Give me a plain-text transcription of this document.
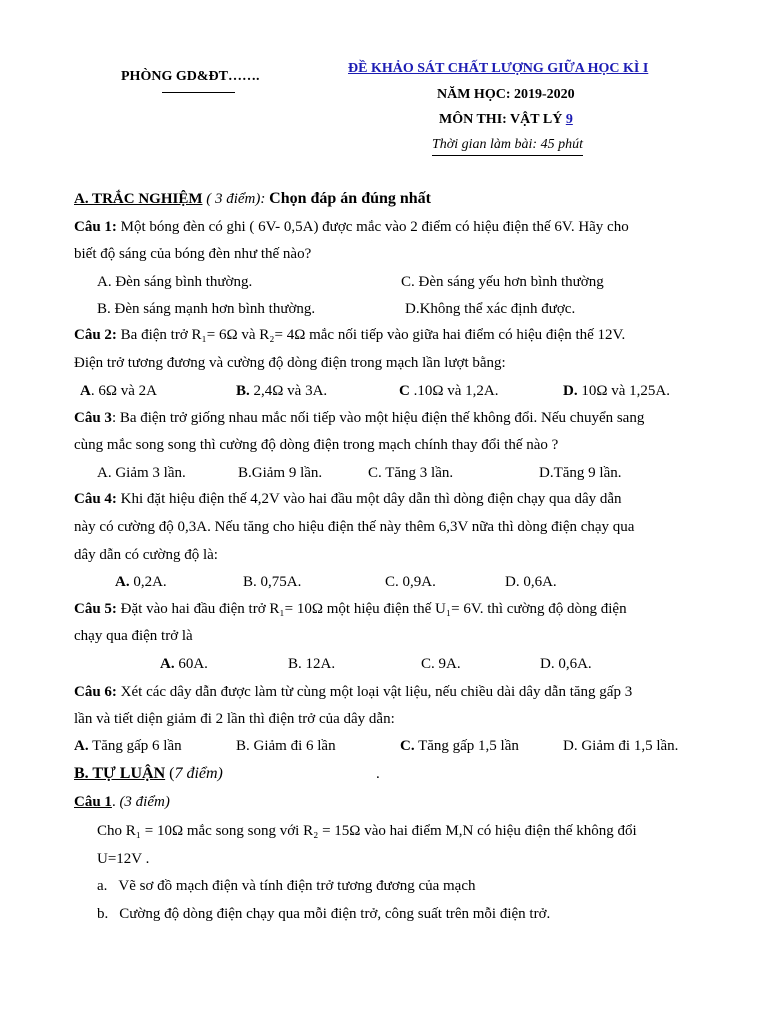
PHÒNG GD&ĐT…….
ĐỀ KHẢO SÁT CHẤT LƯỢNG GIỮA HỌC KÌ I
NĂM HỌC: 2019-2020
MÔN THI: VẬT LÝ 9
Thời gian làm bài: 45 phút
A. TRẮC NGHIỆM ( 3 điểm): Chọn đáp án đúng nhất
Câu 1: Một bóng đèn có ghi ( 6V- 0,5A) được mắc vào 2 điểm có hiệu điện thế 6V. Hãy cho
biết độ sáng của bóng đèn như thế nào?
A. Đèn sáng bình thường.	C. Đèn sáng yếu hơn bình thường
B. Đèn sáng mạnh hơn bình thường.	D.Không thể xác định được.
Câu 2: Ba điện trở R₁= 6Ω và R₂= 4Ω mắc nối tiếp vào giữa hai điểm có hiệu điện thế 12V.
Điện trở tương đương và cường độ dòng điện trong mạch lần lượt bằng:
A. 6Ω và 2A	B. 2,4Ω và 3A.	C .10Ω và 1,2A.	D. 10Ω và 1,25A.
Câu 3: Ba điện trở giống nhau mắc nối tiếp vào một hiệu điện thế không đổi. Nếu chuyển sang
cùng mắc song song thì cường độ dòng điện trong mạch chính thay đổi thế nào ?
A. Giảm 3 lần.	B.Giảm 9 lần.	C. Tăng 3 lần.	D.Tăng 9 lần.
Câu 4: Khi đặt hiệu điện thế 4,2V vào hai đầu một dây dẫn thì dòng điện chạy qua dây dẫn
này có cường độ 0,3A. Nếu tăng cho hiệu điện thế này thêm 6,3V nữa thì dòng điện chạy qua
dây dẫn có cường độ là:
A. 0,2A.	B. 0,75A.	C. 0,9A.	D. 0,6A.
Câu 5: Đặt vào hai đầu điện trở R₁= 10Ω một hiệu điện thế U₁= 6V. thì cường độ dòng điện
chạy qua điện trở là
A. 60A.	B. 12A.	C. 9A.	D. 0,6A.
Câu 6: Xét các dây dẫn được làm từ cùng một loại vật liệu, nếu chiều dài dây dẫn tăng gấp 3
lần và tiết diện giảm đi 2 lần thì điện trở của dây dẫn:
A. Tăng gấp 6 lần	B. Giảm đi 6 lần	C. Tăng gấp 1,5 lần	D. Giảm đi 1,5 lần.
B. TỰ LUẬN (7 điểm)	.
Câu 1. (3 điểm)
Cho R₁ = 10Ω mắc song song với R₂ = 15Ω vào hai điểm M,N có hiệu điện thế không đổi
U=12V .
a. Vẽ sơ đồ mạch điện và tính điện trở tương đương của mạch
b. Cường độ dòng điện chạy qua mỗi điện trở, công suất trên mỗi điện trở.
